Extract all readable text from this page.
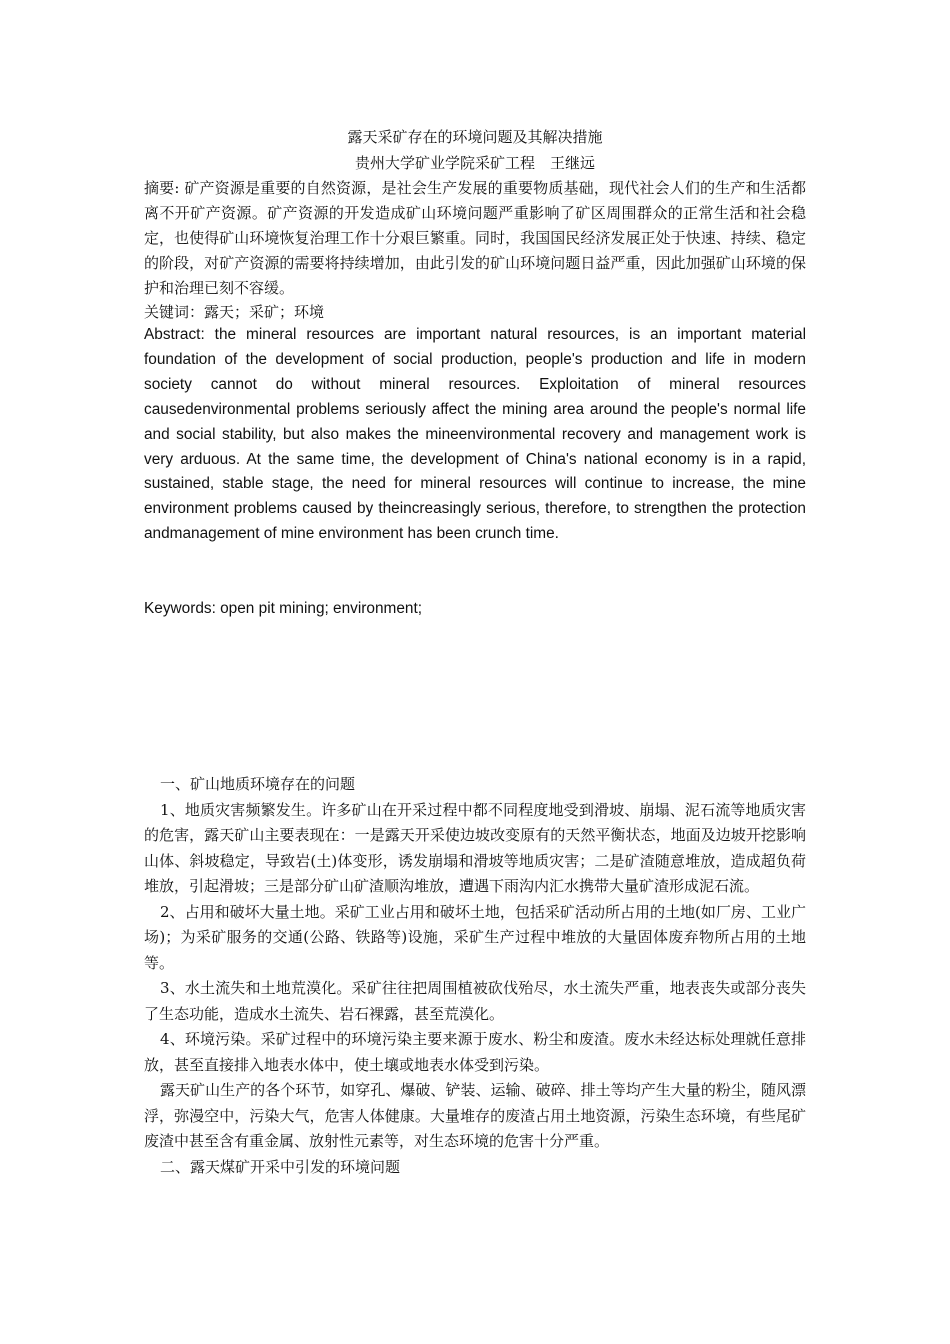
露天采矿存在的环境问题及其解决措施
贵州大学矿业学院采矿工程　王继远
摘要: 矿产资源是重要的自然资源，是社会生产发展的重要物质基础，现代社会人们的生产和生活都离不开矿产资源。矿产资源的开发造成矿山环境问题严重影响了矿区周围群众的正常生活和社会稳定，也使得矿山环境恢复治理工作十分艰巨繁重。同时，我国国民经济发展正处于快速、持续、稳定的阶段，对矿产资源的需要将持续增加，由此引发的矿山环境问题日益严重，因此加强矿山环境的保护和治理已刻不容缓。
关键词：露天；采矿；环境
Abstract: the mineral resources are important natural resources, is an important material foundation of the development of social production, people's production and life in modern society cannot do without mineral resources. Exploitation of mineral resources causedenvironmental problems seriously affect the mining area around the people's normal life and social stability, but also makes the mineenvironmental recovery and management work is very arduous. At the same time, the development of China's national economy is in a rapid, sustained, stable stage, the need for mineral resources will continue to increase, the mine environment problems caused by theincreasingly serious, therefore, to strengthen the protection andmanagement of mine environment has been crunch time.
Keywords: open pit mining; environment;

一、矿山地质环境存在的问题

1、地质灾害频繁发生。许多矿山在开采过程中都不同程度地受到滑坡、崩塌、泥石流等地质灾害的危害，露天矿山主要表现在：一是露天开采使边坡改变原有的天然平衡状态，地面及边坡开挖影响山体、斜坡稳定，导致岩(土)体变形，诱发崩塌和滑坡等地质灾害；二是矿渣随意堆放，造成超负荷堆放，引起滑坡；三是部分矿山矿渣顺沟堆放，遭遇下雨沟内汇水携带大量矿渣形成泥石流。

2、占用和破坏大量土地。采矿工业占用和破坏土地，包括采矿活动所占用的土地(如厂房、工业广场)；为采矿服务的交通(公路、铁路等)设施，采矿生产过程中堆放的大量固体废弃物所占用的土地等。

3、水土流失和土地荒漠化。采矿往往把周围植被砍伐殆尽，水土流失严重，地表丧失或部分丧失了生态功能，造成水土流失、岩石裸露，甚至荒漠化。

4、环境污染。采矿过程中的环境污染主要来源于废水、粉尘和废渣。废水未经达标处理就任意排放，甚至直接排入地表水体中，使土壤或地表水体受到污染。

露天矿山生产的各个环节，如穿孔、爆破、铲装、运输、破碎、排土等均产生大量的粉尘，随风漂浮，弥漫空中，污染大气，危害人体健康。大量堆存的废渣占用土地资源，污染生态环境，有些尾矿废渣中甚至含有重金属、放射性元素等，对生态环境的危害十分严重。

二、露天煤矿开采中引发的环境问题
